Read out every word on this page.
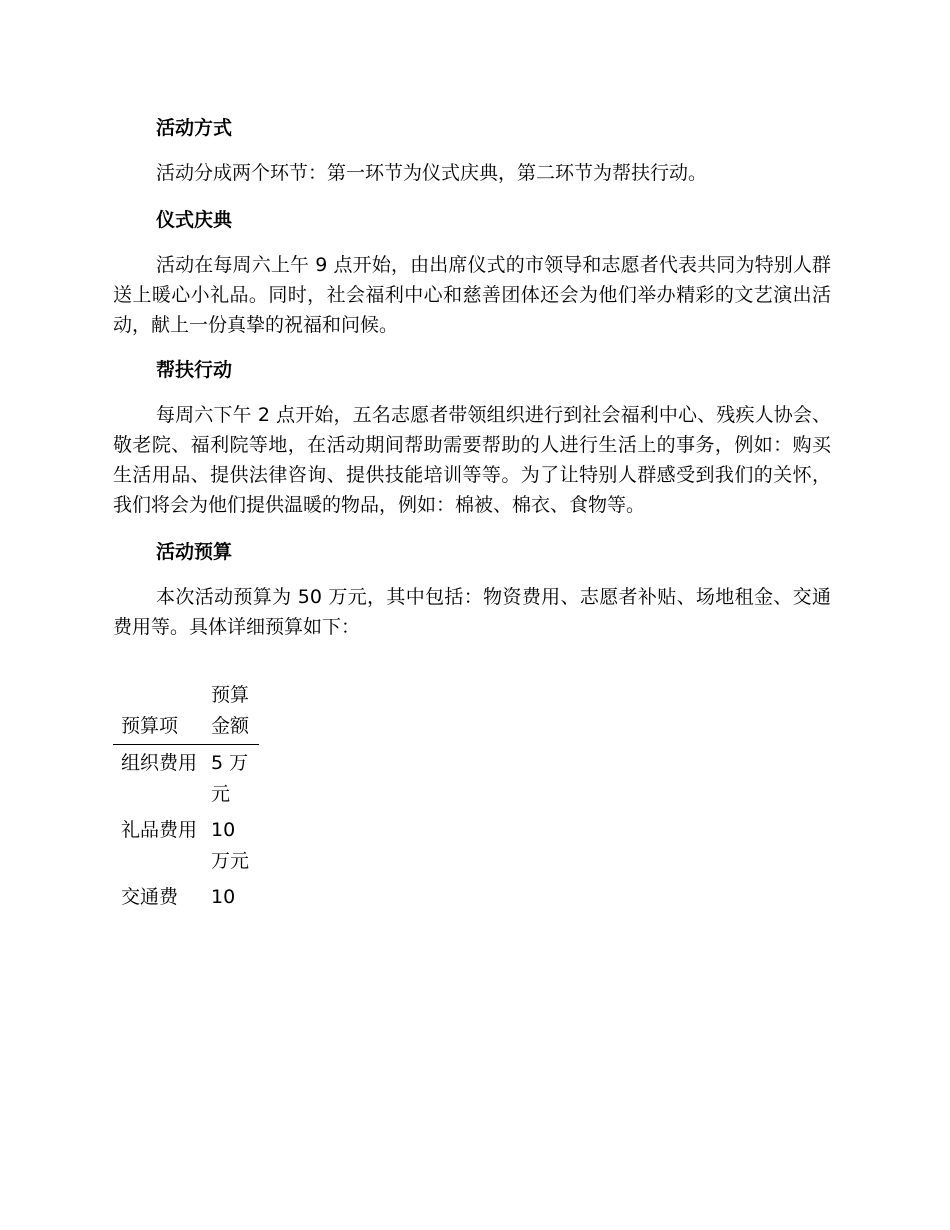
活动方式

活动分成两个环节：第一环节为仪式庆典，第二环节为帮扶行动。

仪式庆典

活动在每周六上午 9 点开始，由出席仪式的市领导和志愿者代表共同为特别人群送上暖心小礼品。同时，社会福利中心和慈善团体还会为他们举办精彩的文艺演出活动，献上一份真挚的祝福和问候。

帮扶行动

每周六下午 2 点开始，五名志愿者带领组织进行到社会福利中心、残疾人协会、敬老院、福利院等地，在活动期间帮助需要帮助的人进行生活上的事务，例如：购买生活用品、提供法律咨询、提供技能培训等等。为了让特别人群感受到我们的关怀，我们将会为他们提供温暖的物品，例如：棉被、棉衣、食物等。

活动预算

本次活动预算为 50 万元，其中包括：物资费用、志愿者补贴、场地租金、交通费用等。具体详细预算如下：

预算项	预算金额
组织费用	5 万元
礼品费用	10 万元
交通费	10
